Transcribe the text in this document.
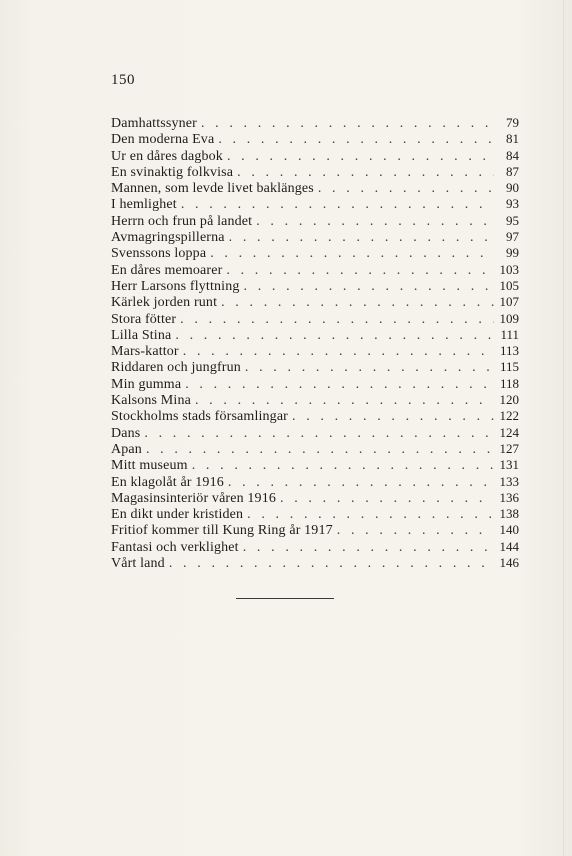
150
Damhattssyner . . .	79
Den moderna Eva . . .	81
Ur en dåres dagbok . . .	84
En svinaktig folkvisa . . .	87
Mannen, som levde livet baklänges . . .	90
I hemlighet . . .	93
Herrn och frun på landet . . .	95
Avmagringspillerna . . .	97
Svenssons loppa . . .	99
En dåres memoarer . . .	103
Herr Larsons flyttning . . .	105
Kärlek jorden runt . . .	107
Stora fötter . . .	109
Lilla Stina . . .	111
Mars-kattor . . .	113
Riddaren och jungfrun . . .	115
Min gumma . . .	118
Kalsons Mina . . .	120
Stockholms stads församlingar . . .	122
Dans . . .	124
Apan . . .	127
Mitt museum . . .	131
En klagolåt år 1916 . . .	133
Magasinsinteriör våren 1916 . . .	136
En dikt under kristiden . . .	138
Fritiof kommer till Kung Ring år 1917 . . .	140
Fantasi och verklighet . . .	144
Vårt land . . .	146
